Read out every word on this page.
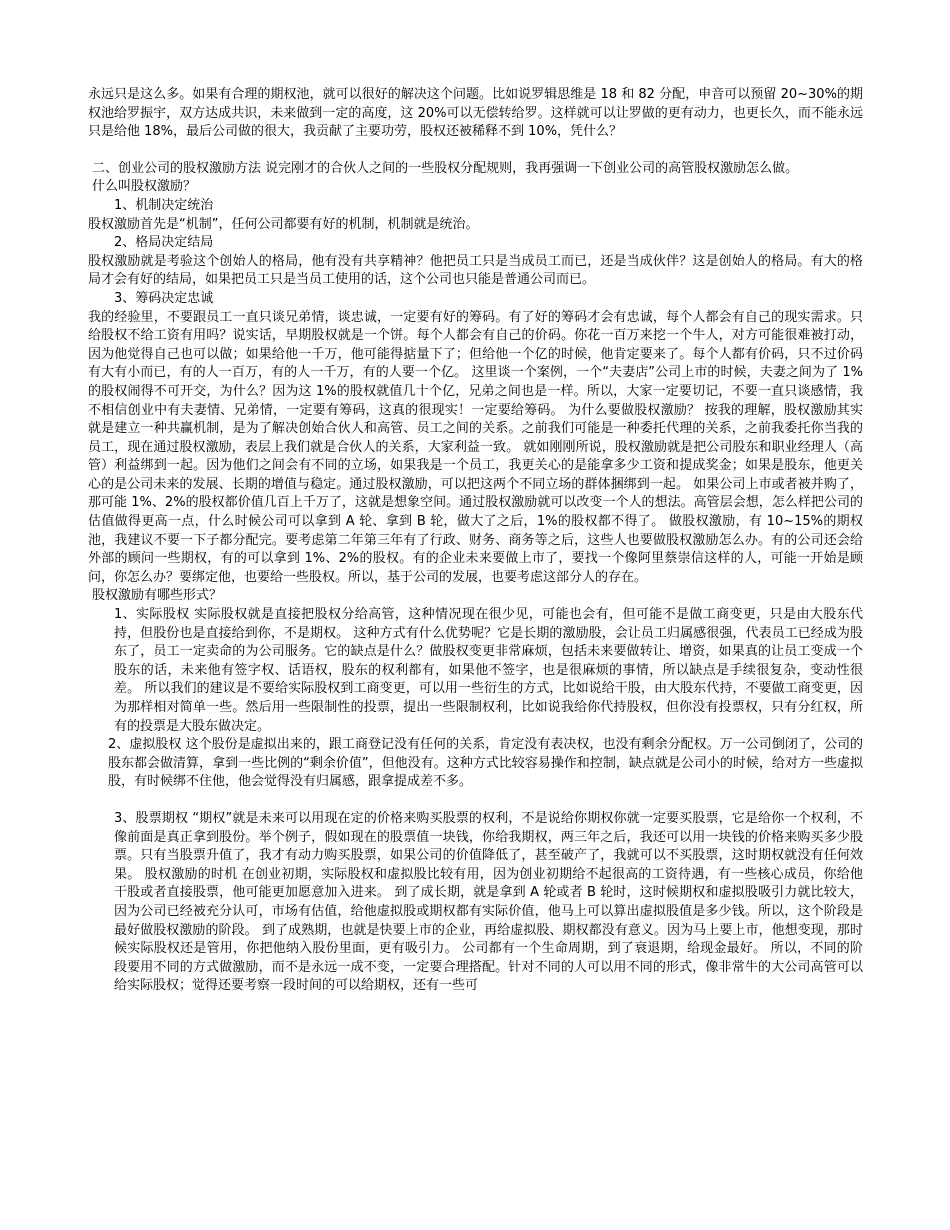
永远只是这么多。如果有合理的期权池，就可以很好的解决这个问题。比如说罗辑思维是 18 和 82 分配，申音可以预留 20~30%的期权池给罗振宇，双方达成共识，未来做到一定的高度，这 20%可以无偿转给罗。这样就可以让罗做的更有动力，也更长久，而不能永远只是给他 18%，最后公司做的很大，我贡献了主要功劳，股权还被稀释不到 10%，凭什么？

二、创业公司的股权激励方法 说完刚才的合伙人之间的一些股权分配规则，我再强调一下创业公司的高管股权激励怎么做。

什么叫股权激励？

1、机制决定统治

股权激励首先是“机制”，任何公司都要有好的机制，机制就是统治。

2、格局决定结局

股权激励就是考验这个创始人的格局，他有没有共享精神？他把员工只是当成员工而已，还是当成伙伴？这是创始人的格局。有大的格局才会有好的结局，如果把员工只是当员工使用的话，这个公司也只能是普通公司而已。

3、筹码决定忠诚

我的经验里，不要跟员工一直只谈兄弟情，谈忠诚，一定要有好的筹码。有了好的筹码才会有忠诚，每个人都会有自己的现实需求。只给股权不给工资有用吗？说实话，早期股权就是一个饼。每个人都会有自己的价码。你花一百万来挖一个牛人，对方可能很难被打动，因为他觉得自己也可以做；如果给他一千万，他可能得掂量下了；但给他一个亿的时候，他肯定要来了。每个人都有价码，只不过价码有大有小而已，有的人一百万，有的人一千万，有的人要一个亿。 这里谈一个案例，一个“夫妻店”公司上市的时候，夫妻之间为了 1%的股权闹得不可开交，为什么？因为这 1%的股权就值几十个亿，兄弟之间也是一样。所以，大家一定要切记，不要一直只谈感情，我不相信创业中有夫妻情、兄弟情，一定要有筹码，这真的很现实！一定要给筹码。 为什么要做股权激励？ 按我的理解，股权激励其实就是建立一种共赢机制，是为了解决创始合伙人和高管、员工之间的关系。之前我们可能是一种委托代理的关系，之前我委托你当我的员工，现在通过股权激励，表层上我们就是合伙人的关系，大家利益一致。 就如刚刚所说，股权激励就是把公司股东和职业经理人（高管）利益绑到一起。因为他们之间会有不同的立场，如果我是一个员工，我更关心的是能拿多少工资和提成奖金；如果是股东，他更关心的是公司未来的发展、长期的增值与稳定。通过股权激励，可以把这两个不同立场的群体捆绑到一起。 如果公司上市或者被并购了，那可能 1%、2%的股权都价值几百上千万了，这就是想象空间。通过股权激励就可以改变一个人的想法。高管层会想，怎么样把公司的估值做得更高一点，什么时候公司可以拿到 A 轮、拿到 B 轮，做大了之后，1%的股权都不得了。 做股权激励，有 10~15%的期权池，我建议不要一下子都分配完。要考虑第二年第三年有了行政、财务、商务等之后，这些人也要做股权激励怎么办。有的公司还会给外部的顾问一些期权，有的可以拿到 1%、2%的股权。有的企业未来要做上市了，要找一个像阿里蔡崇信这样的人，可能一开始是顾问，你怎么办？要绑定他，也要给一些股权。所以，基于公司的发展，也要考虑这部分人的存在。

股权激励有哪些形式？

1、实际股权 实际股权就是直接把股权分给高管，这种情况现在很少见，可能也会有，但可能不是做工商变更，只是由大股东代持，但股份也是直接给到你，不是期权。 这种方式有什么优势呢？它是长期的激励股，会让员工归属感很强，代表员工已经成为股东了，员工一定卖命的为公司服务。它的缺点是什么？做股权变更非常麻烦，包括未来要做转让、增资，如果真的让员工变成一个股东的话，未来他有签字权、话语权，股东的权利都有，如果他不签字，也是很麻烦的事情，所以缺点是手续很复杂，变动性很差。 所以我们的建议是不要给实际股权到工商变更，可以用一些衍生的方式，比如说给干股，由大股东代持，不要做工商变更，因为那样相对简单一些。然后用一些限制性的投票，提出一些限制权利，比如说我给你代持股权，但你没有投票权，只有分红权，所有的投票是大股东做决定。

2、虚拟股权 这个股份是虚拟出来的，跟工商登记没有任何的关系，肯定没有表决权，也没有剩余分配权。万一公司倒闭了，公司的股东都会做清算，拿到一些比例的“剩余价值”，但他没有。这种方式比较容易操作和控制，缺点就是公司小的时候，给对方一些虚拟股，有时候绑不住他，他会觉得没有归属感，跟拿提成差不多。

3、股票期权 “期权”就是未来可以用现在定的价格来购买股票的权利，不是说给你期权你就一定要买股票，它是给你一个权利，不像前面是真正拿到股份。举个例子，假如现在的股票值一块钱，你给我期权，两三年之后，我还可以用一块钱的价格来购买多少股票。只有当股票升值了，我才有动力购买股票，如果公司的价值降低了，甚至破产了，我就可以不买股票，这时期权就没有任何效果。 股权激励的时机 在创业初期，实际股权和虚拟股比较有用，因为创业初期给不起很高的工资待遇，有一些核心成员，你给他干股或者直接股票，他可能更加愿意加入进来。 到了成长期，就是拿到 A 轮或者 B 轮时，这时候期权和虚拟股吸引力就比较大，因为公司已经被充分认可，市场有估值，给他虚拟股或期权都有实际价值，他马上可以算出虚拟股值是多少钱。所以，这个阶段是最好做股权激励的阶段。 到了成熟期，也就是快要上市的企业，再给虚拟股、期权都没有意义。因为马上要上市，他想变现，那时候实际股权还是管用，你把他纳入股份里面，更有吸引力。 公司都有一个生命周期，到了衰退期，给现金最好。 所以，不同的阶段要用不同的方式做激励，而不是永远一成不变，一定要合理搭配。针对不同的人可以用不同的形式，像非常牛的大公司高管可以给实际股权；觉得还要考察一段时间的可以给期权，还有一些可
